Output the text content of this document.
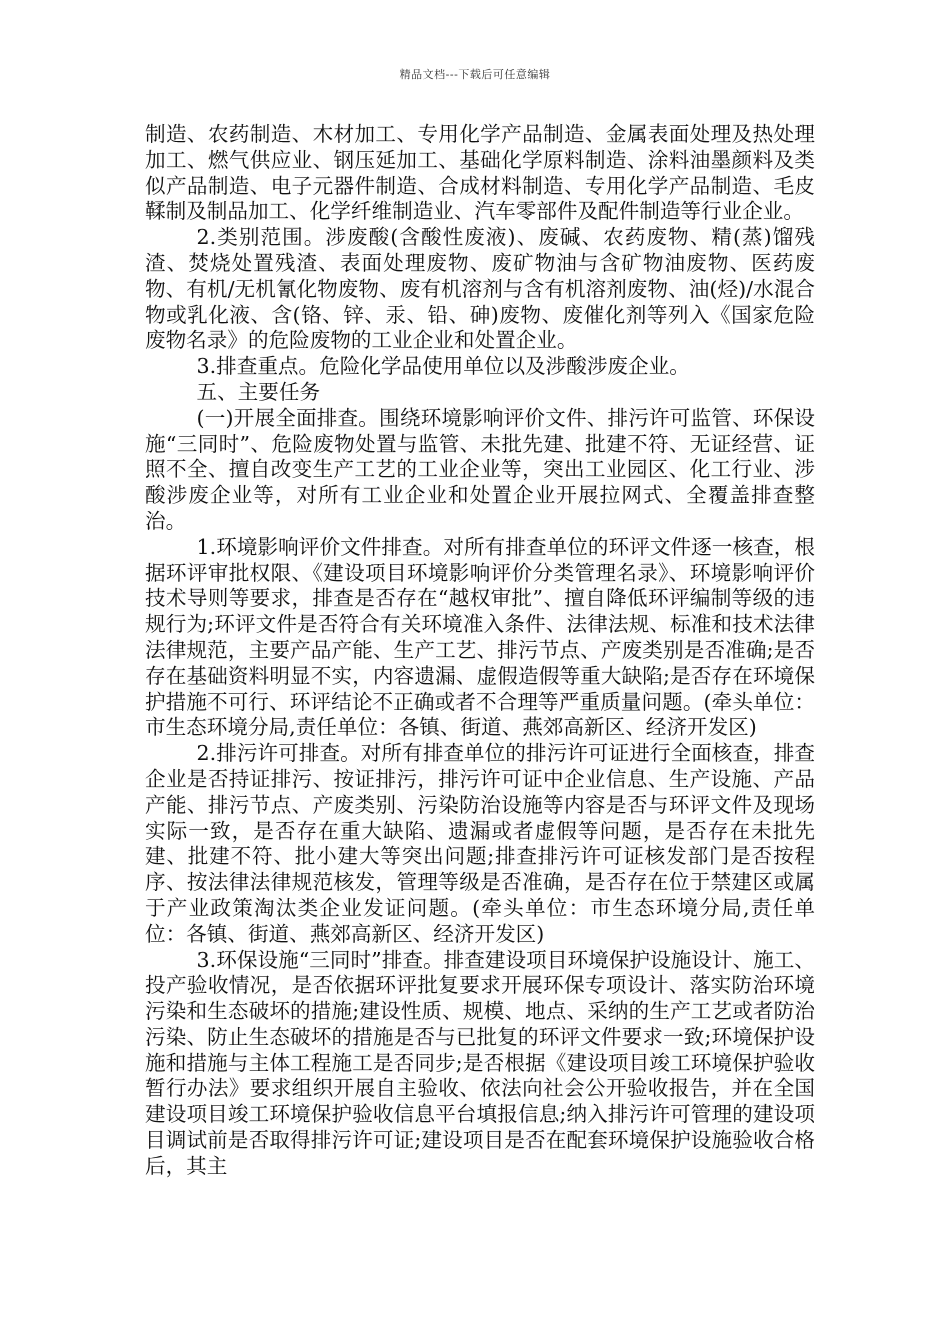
精品文档---下载后可任意编辑

制造、农药制造、木材加工、专用化学产品制造、金属表面处理及热处理加工、燃气供应业、钢压延加工、基础化学原料制造、涂料油墨颜料及类似产品制造、电子元器件制造、合成材料制造、专用化学产品制造、毛皮鞣制及制品加工、化学纤维制造业、汽车零部件及配件制造等行业企业。

2.类别范围。涉废酸(含酸性废液)、废碱、农药废物、精(蒸)馏残渣、焚烧处置残渣、表面处理废物、废矿物油与含矿物油废物、医药废物、有机/无机氰化物废物、废有机溶剂与含有机溶剂废物、油(烃)/水混合物或乳化液、含(铬、锌、汞、铅、砷)废物、废催化剂等列入《国家危险废物名录》的危险废物的工业企业和处置企业。

3.排查重点。危险化学品使用单位以及涉酸涉废企业。

五、主要任务

(一)开展全面排查。围绕环境影响评价文件、排污许可监管、环保设施“三同时”、危险废物处置与监管、未批先建、批建不符、无证经营、证照不全、擅自改变生产工艺的工业企业等，突出工业园区、化工行业、涉酸涉废企业等，对所有工业企业和处置企业开展拉网式、全覆盖排查整治。

1.环境影响评价文件排查。对所有排查单位的环评文件逐一核查，根据环评审批权限、《建设项目环境影响评价分类管理名录》、环境影响评价技术导则等要求，排查是否存在“越权审批”、擅自降低环评编制等级的违规行为;环评文件是否符合有关环境准入条件、法律法规、标准和技术法律法律规范，主要产品产能、生产工艺、排污节点、产废类别是否准确;是否存在基础资料明显不实，内容遗漏、虚假造假等重大缺陷;是否存在环境保护措施不可行、环评结论不正确或者不合理等严重质量问题。(牵头单位：市生态环境分局,责任单位：各镇、街道、燕郊高新区、经济开发区)

2.排污许可排查。对所有排查单位的排污许可证进行全面核查，排查企业是否持证排污、按证排污，排污许可证中企业信息、生产设施、产品产能、排污节点、产废类别、污染防治设施等内容是否与环评文件及现场实际一致，是否存在重大缺陷、遗漏或者虚假等问题，是否存在未批先建、批建不符、批小建大等突出问题;排查排污许可证核发部门是否按程序、按法律法律规范核发，管理等级是否准确，是否存在位于禁建区或属于产业政策淘汰类企业发证问题。(牵头单位：市生态环境分局,责任单位：各镇、街道、燕郊高新区、经济开发区)

3.环保设施“三同时”排查。排查建设项目环境保护设施设计、施工、投产验收情况，是否依据环评批复要求开展环保专项设计、落实防治环境污染和生态破坏的措施;建设性质、规模、地点、采纳的生产工艺或者防治污染、防止生态破坏的措施是否与已批复的环评文件要求一致;环境保护设施和措施与主体工程施工是否同步;是否根据《建设项目竣工环境保护验收暂行办法》要求组织开展自主验收、依法向社会公开验收报告，并在全国建设项目竣工环境保护验收信息平台填报信息;纳入排污许可管理的建设项目调试前是否取得排污许可证;建设项目是否在配套环境保护设施验收合格后，其主
